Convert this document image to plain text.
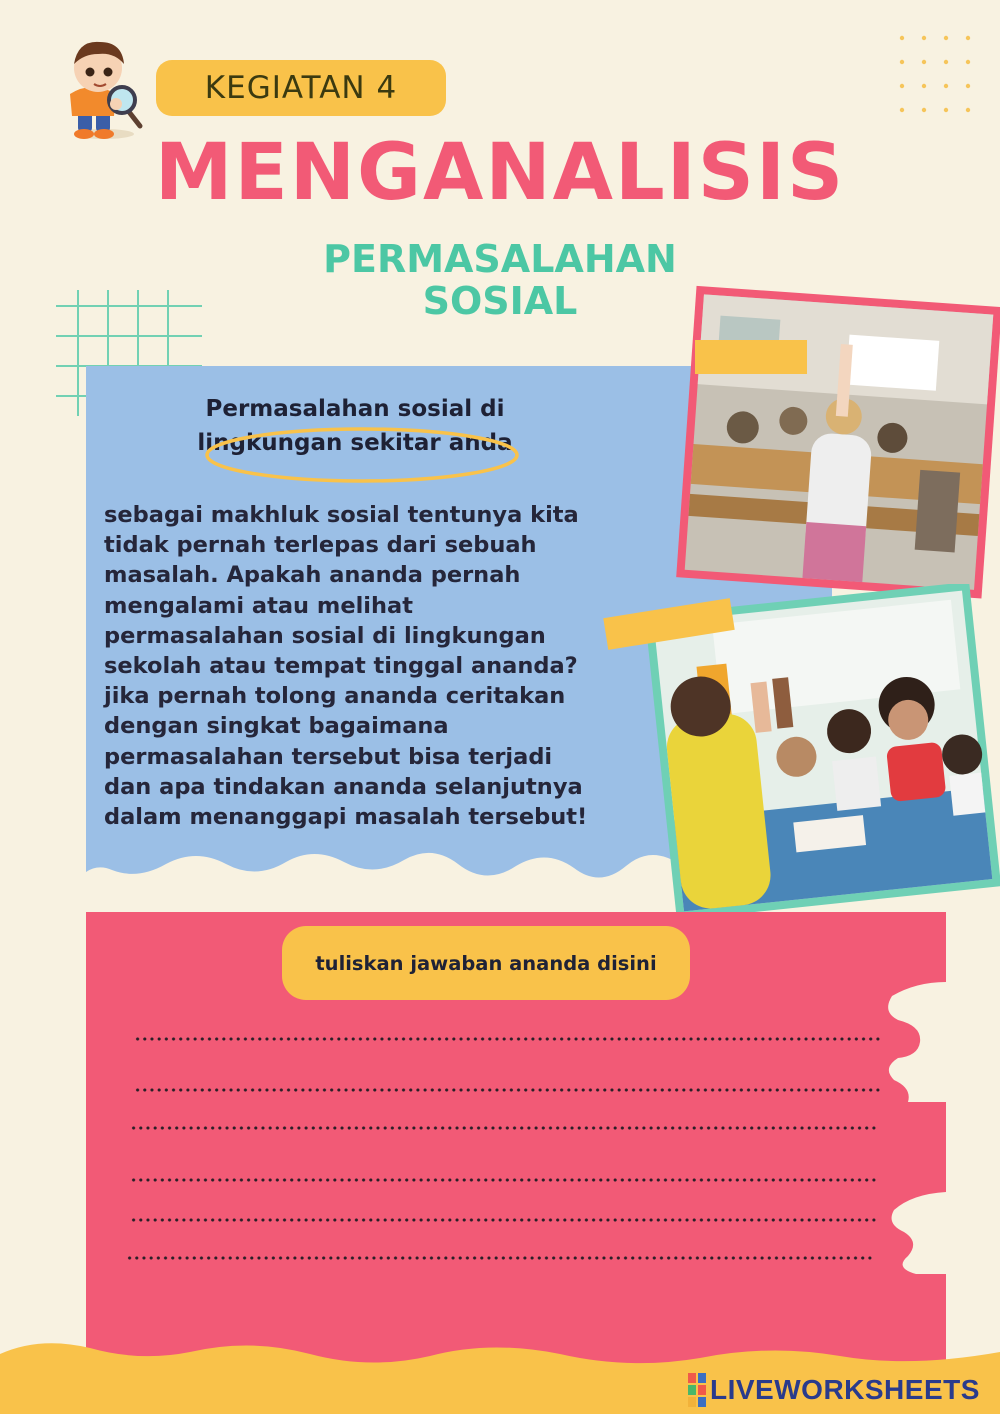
KEGIATAN 4
MENGANALISIS
PERMASALAHAN
SOSIAL
Permasalahan sosial di
lingkungan sekitar anda
sebagai makhluk sosial tentunya kita
tidak pernah terlepas dari sebuah
masalah. Apakah ananda pernah
mengalami atau melihat
permasalahan sosial di lingkungan
sekolah atau tempat tinggal ananda?
jika pernah tolong ananda ceritakan
dengan singkat bagaimana
permasalahan tersebut bisa terjadi
dan apa tindakan ananda selanjutnya
dalam menanggapi masalah tersebut!
tuliskan jawaban ananda disini
LIVEWORKSHEETS
